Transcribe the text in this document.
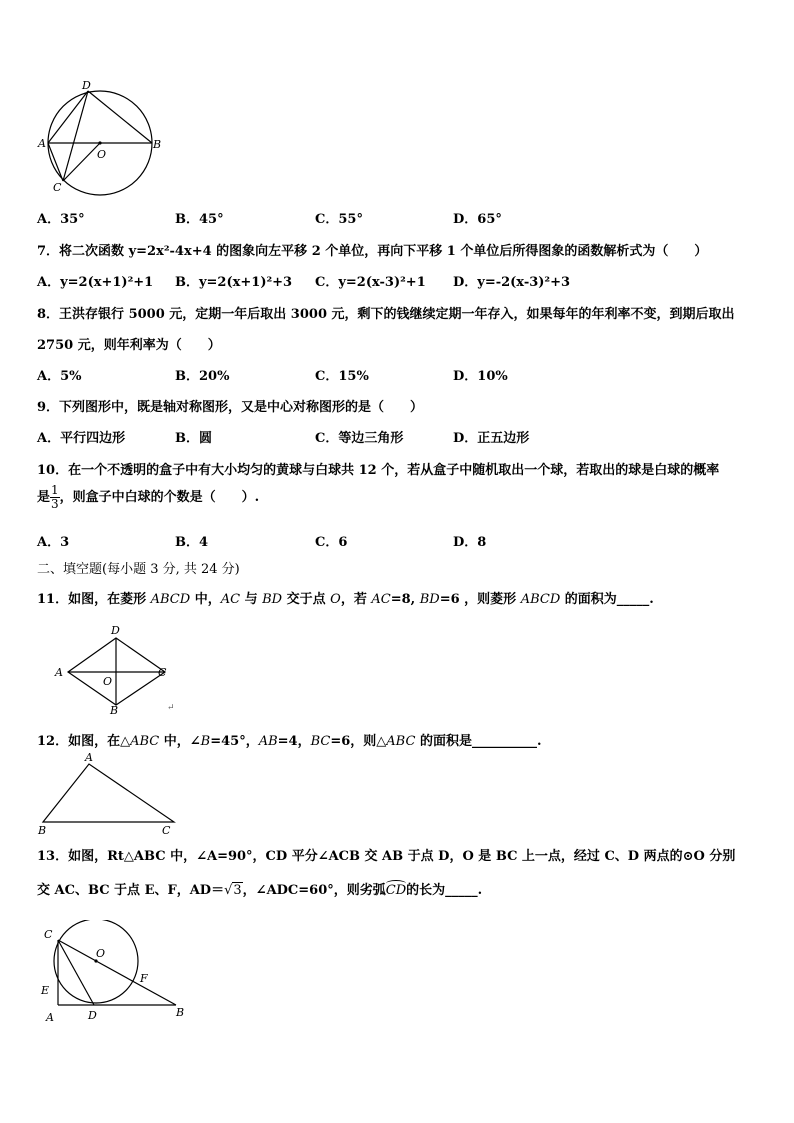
D
A
O
B
C
A．35°	B．45°	C．55°	D．65°
7．将二次函数 y=2x²-4x+4 的图象向左平移 2 个单位，再向下平移 1 个单位后所得图象的函数解析式为（　　）
A．y=2(x+1)²+1 B．y=2(x+1)²+3 C．y=2(x-3)²+1 D．y=-2(x-3)²+3
8．王洪存银行 5000 元，定期一年后取出 3000 元，剩下的钱继续定期一年存入，如果每年的年利率不变，到期后取出
2750 元，则年利率为（　　）
A．5%	B．20%	C．15%	D．10%
9．下列图形中，既是轴对称图形，又是中心对称图形的是（　　）
A．平行四边形	B．圆	C．等边三角形	D．正五边形
10．在一个不透明的盒子中有大小均匀的黄球与白球共 12 个，若从盒子中随机取出一个球，若取出的球是白球的概率
是 $\frac{1}{3}$ ，则盒子中白球的个数是（　　）.
A．3	B．4	C．6	D．8
二、填空题(每小题 3 分, 共 24 分)
11．如图，在菱形 ABCD 中，AC 与 BD 交于点 O，若 AC=8, BD=6 ，则菱形 ABCD 的面积为_____.
D
A
O
C
B	↵
12．如图，在△ABC 中，∠B=45°，AB=4，BC=6，则△ABC 的面积是__________.
A
B	C
13．如图，Rt△ABC 中，∠A=90°，CD 平分∠ACB 交 AB 于点 D，O 是 BC 上一点，经过 C、D 两点的⊙O 分别
交 AC、BC 于点 E、F，AD＝√3，∠ADC=60°，则劣弧CD的长为_____.
C
O
F
E
A	D	B
